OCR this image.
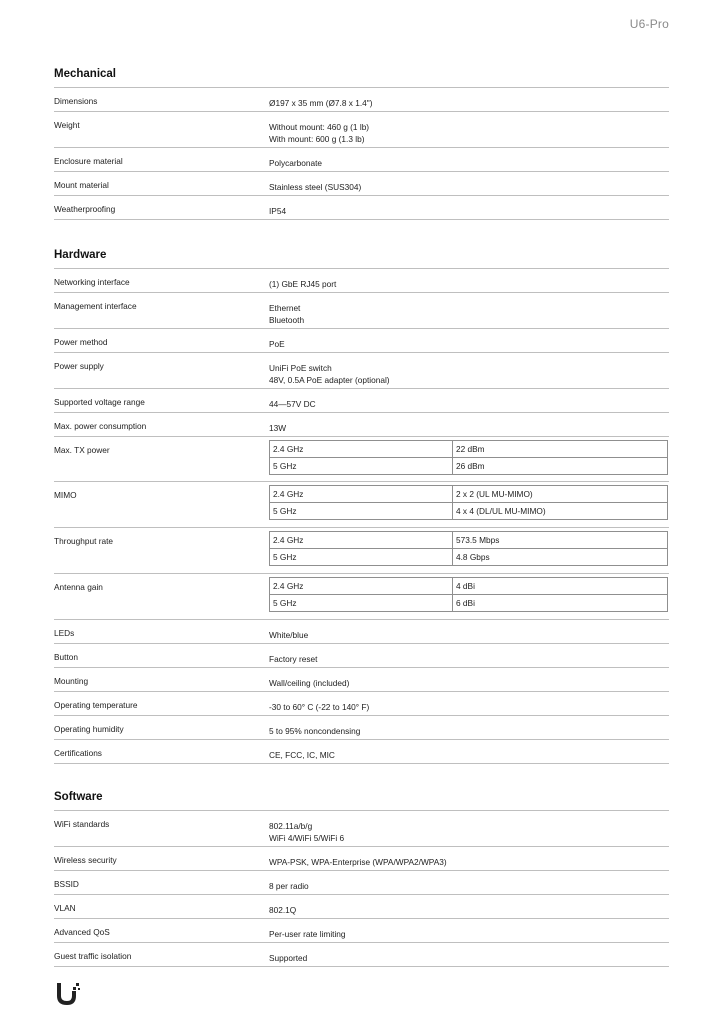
U6-Pro
Mechanical
Dimensions	Ø197 x 35 mm (Ø7.8 x 1.4")
Weight	Without mount: 460 g (1 lb)
With mount: 600 g (1.3 lb)
Enclosure material	Polycarbonate
Mount material	Stainless steel (SUS304)
Weatherproofing	IP54
Hardware
Networking interface	(1) GbE RJ45 port
Management interface	Ethernet
Bluetooth
Power method	PoE
Power supply	UniFi PoE switch
48V, 0.5A PoE adapter (optional)
Supported voltage range	44—57V DC
Max. power consumption	13W
Max. TX power	2.4 GHz	22 dBm
5 GHz	26 dBm
MIMO	2.4 GHz	2 x 2 (UL MU-MIMO)
5 GHz	4 x 4 (DL/UL MU-MIMO)
Throughput rate	2.4 GHz	573.5 Mbps
5 GHz	4.8 Gbps
Antenna gain	2.4 GHz	4 dBi
5 GHz	6 dBi
LEDs	White/blue
Button	Factory reset
Mounting	Wall/ceiling (included)
Operating temperature	-30 to 60° C (-22 to 140° F)
Operating humidity	5 to 95% noncondensing
Certifications	CE, FCC, IC, MIC
Software
WiFi standards	802.11a/b/g
WiFi 4/WiFi 5/WiFi 6
Wireless security	WPA-PSK, WPA-Enterprise (WPA/WPA2/WPA3)
BSSID	8 per radio
VLAN	802.1Q
Advanced QoS	Per-user rate limiting
Guest traffic isolation	Supported
